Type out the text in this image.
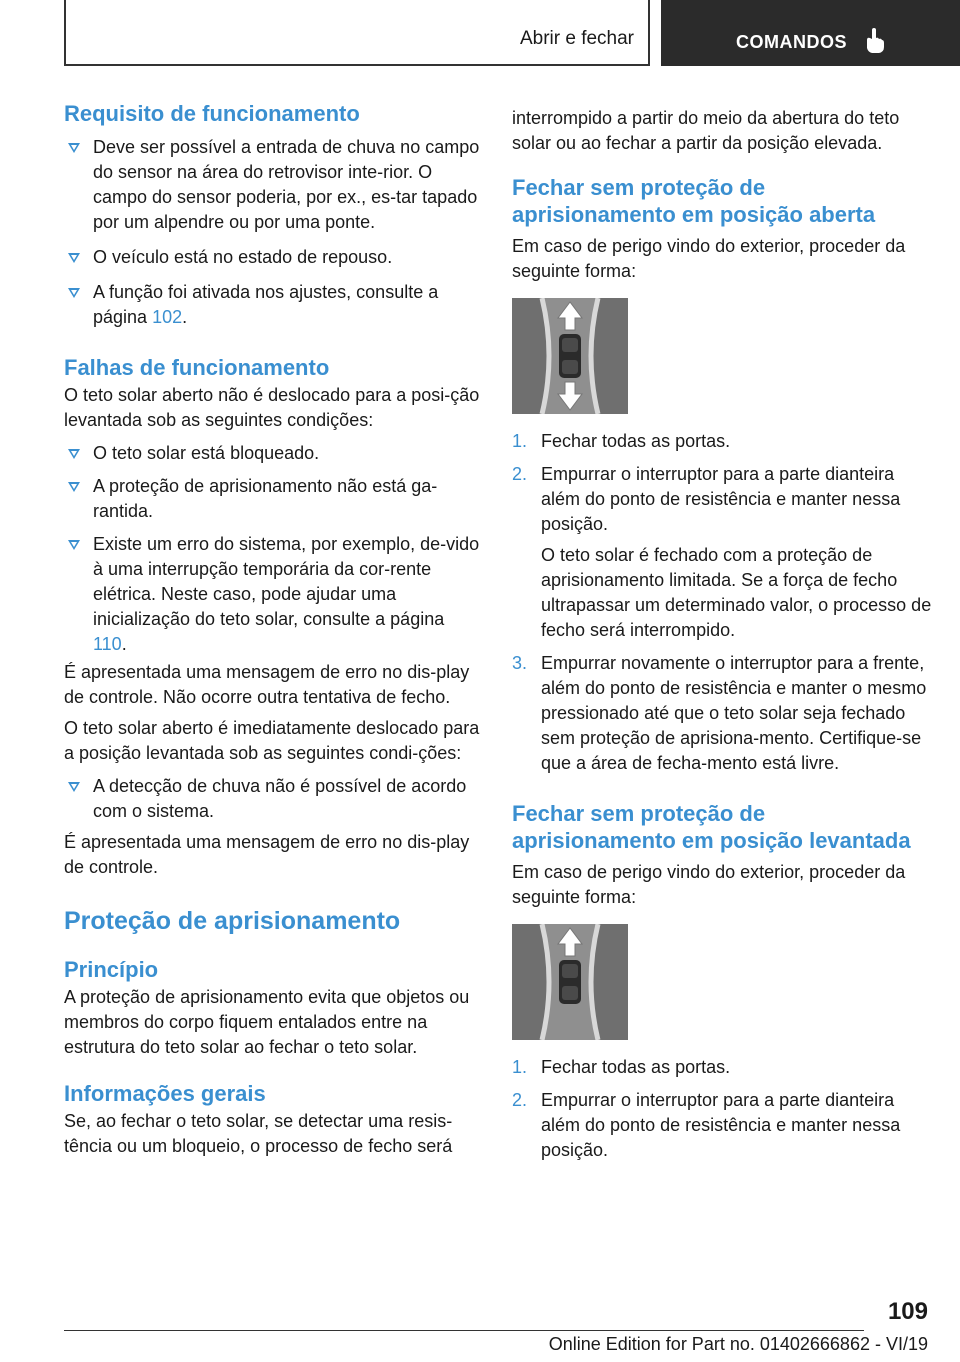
Abrir e fechar	COMANDOS
Requisito de funcionamento
Deve ser possível a entrada de chuva no campo do sensor na área do retrovisor inte-rior. O campo do sensor poderia, por ex., es-tar tapado por um alpendre ou por uma ponte.
O veículo está no estado de repouso.
A função foi ativada nos ajustes, consulte a página 102.
Falhas de funcionamento

O teto solar aberto não é deslocado para a posi-ção levantada sob as seguintes condições:

O teto solar está bloqueado.
A proteção de aprisionamento não está ga-rantida.
Existe um erro do sistema, por exemplo, de-vido à uma interrupção temporária da cor-rente elétrica. Neste caso, pode ajudar uma inicialização do teto solar, consulte a página 110.

É apresentada uma mensagem de erro no dis-play de controle. Não ocorre outra tentativa de fecho.

O teto solar aberto é imediatamente deslocado para a posição levantada sob as seguintes condi-ções:

A detecção de chuva não é possível de acordo com o sistema.

É apresentada uma mensagem de erro no dis-play de controle.

Proteção de aprisionamento
Princípio

A proteção de aprisionamento evita que objetos ou membros do corpo fiquem entalados entre na estrutura do teto solar ao fechar o teto solar.

Informações gerais

Se, ao fechar o teto solar, se detectar uma resis-tência ou um bloqueio, o processo de fecho será

interrompido a partir do meio da abertura do teto solar ou ao fechar a partir da posição elevada.

Fechar sem proteção de aprisionamento em posição aberta

Em caso de perigo vindo do exterior, proceder da seguinte forma:

1. Fechar todas as portas.
2. Empurrar o interruptor para a parte dianteira além do ponto de resistência e manter nessa posição.

O teto solar é fechado com a proteção de aprisionamento limitada. Se a força de fecho ultrapassar um determinado valor, o processo de fecho será interrompido.

3. Empurrar novamente o interruptor para a frente, além do ponto de resistência e manter o mesmo pressionado até que o teto solar seja fechado sem proteção de aprisiona-mento. Certifique-se que a área de fecha-mento está livre.
Fechar sem proteção de aprisionamento em posição levantada

Em caso de perigo vindo do exterior, proceder da seguinte forma:

1. Fechar todas as portas.
2. Empurrar o interruptor para a parte dianteira além do ponto de resistência e manter nessa posição.
109
Online Edition for Part no. 01402666862 - VI/19
